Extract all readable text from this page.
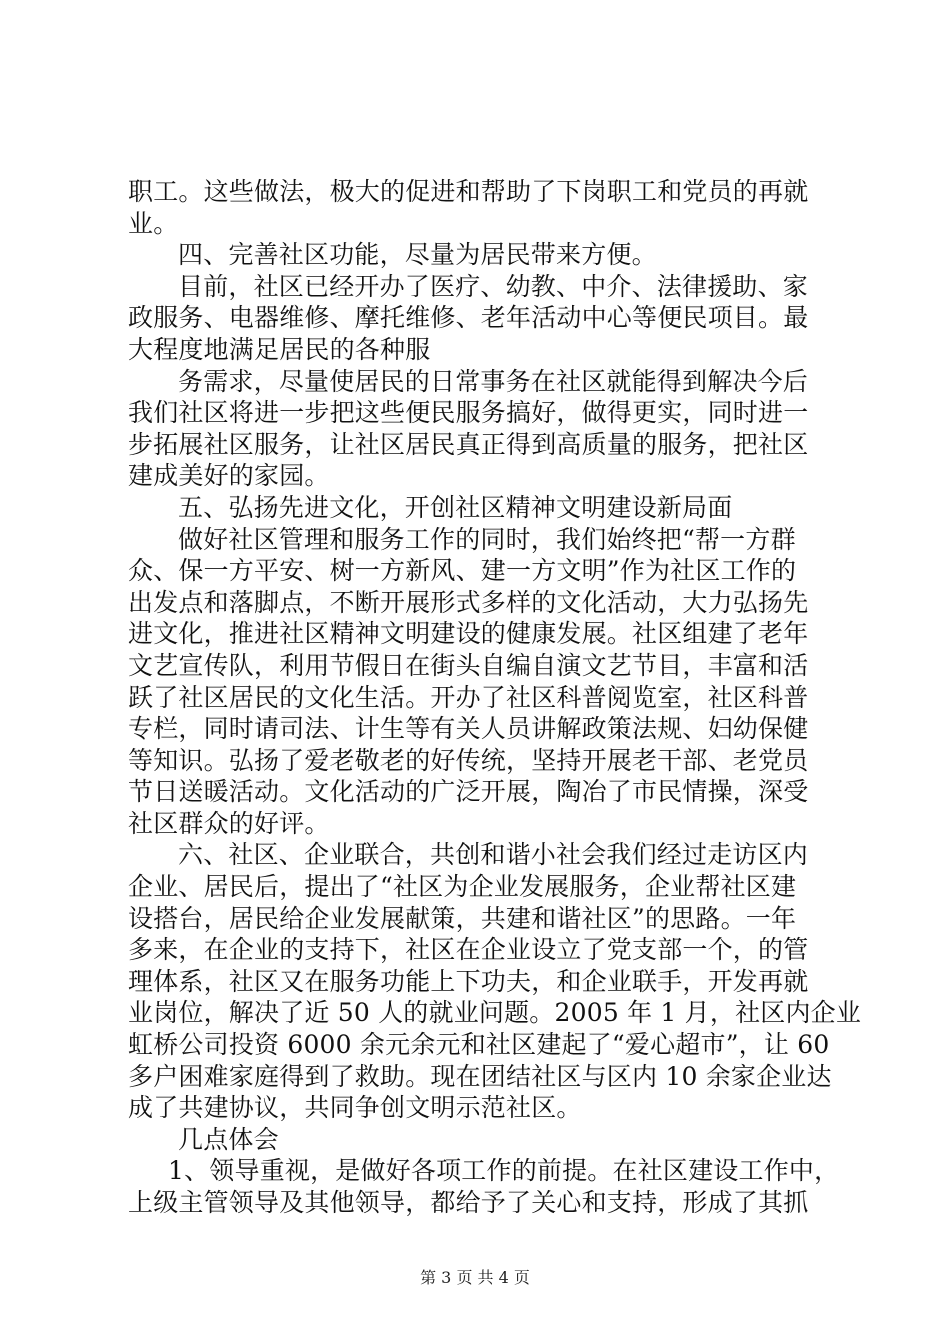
职工。这些做法，极大的促进和帮助了下岗职工和党员的再就
业。
四、完善社区功能，尽量为居民带来方便。
目前，社区已经开办了医疗、幼教、中介、法律援助、家
政服务、电器维修、摩托维修、老年活动中心等便民项目。最
大程度地满足居民的各种服
务需求，尽量使居民的日常事务在社区就能得到解决今后
我们社区将进一步把这些便民服务搞好，做得更实，同时进一
步拓展社区服务，让社区居民真正得到高质量的服务，把社区
建成美好的家园。
五、弘扬先进文化，开创社区精神文明建设新局面
做好社区管理和服务工作的同时，我们始终把“帮一方群
众、保一方平安、树一方新风、建一方文明”作为社区工作的
出发点和落脚点，不断开展形式多样的文化活动，大力弘扬先
进文化，推进社区精神文明建设的健康发展。社区组建了老年
文艺宣传队，利用节假日在街头自编自演文艺节目，丰富和活
跃了社区居民的文化生活。开办了社区科普阅览室，社区科普
专栏，同时请司法、计生等有关人员讲解政策法规、妇幼保健
等知识。弘扬了爱老敬老的好传统，坚持开展老干部、老党员
节日送暖活动。文化活动的广泛开展，陶冶了市民情操，深受
社区群众的好评。
六、社区、企业联合，共创和谐小社会我们经过走访区内
企业、居民后，提出了“社区为企业发展服务，企业帮社区建
设搭台，居民给企业发展献策，共建和谐社区”的思路。一年
多来，在企业的支持下，社区在企业设立了党支部一个，的管
理体系，社区又在服务功能上下功夫，和企业联手，开发再就
业岗位，解决了近 50 人的就业问题。2005 年 1 月，社区内企业
虹桥公司投资 6000 余元余元和社区建起了“爱心超市”，让 60
多户困难家庭得到了救助。现在团结社区与区内 10 余家企业达
成了共建协议，共同争创文明示范社区。
几点体会
1、领导重视，是做好各项工作的前提。在社区建设工作中，
上级主管领导及其他领导，都给予了关心和支持，形成了其抓
第 3 页 共 4 页
